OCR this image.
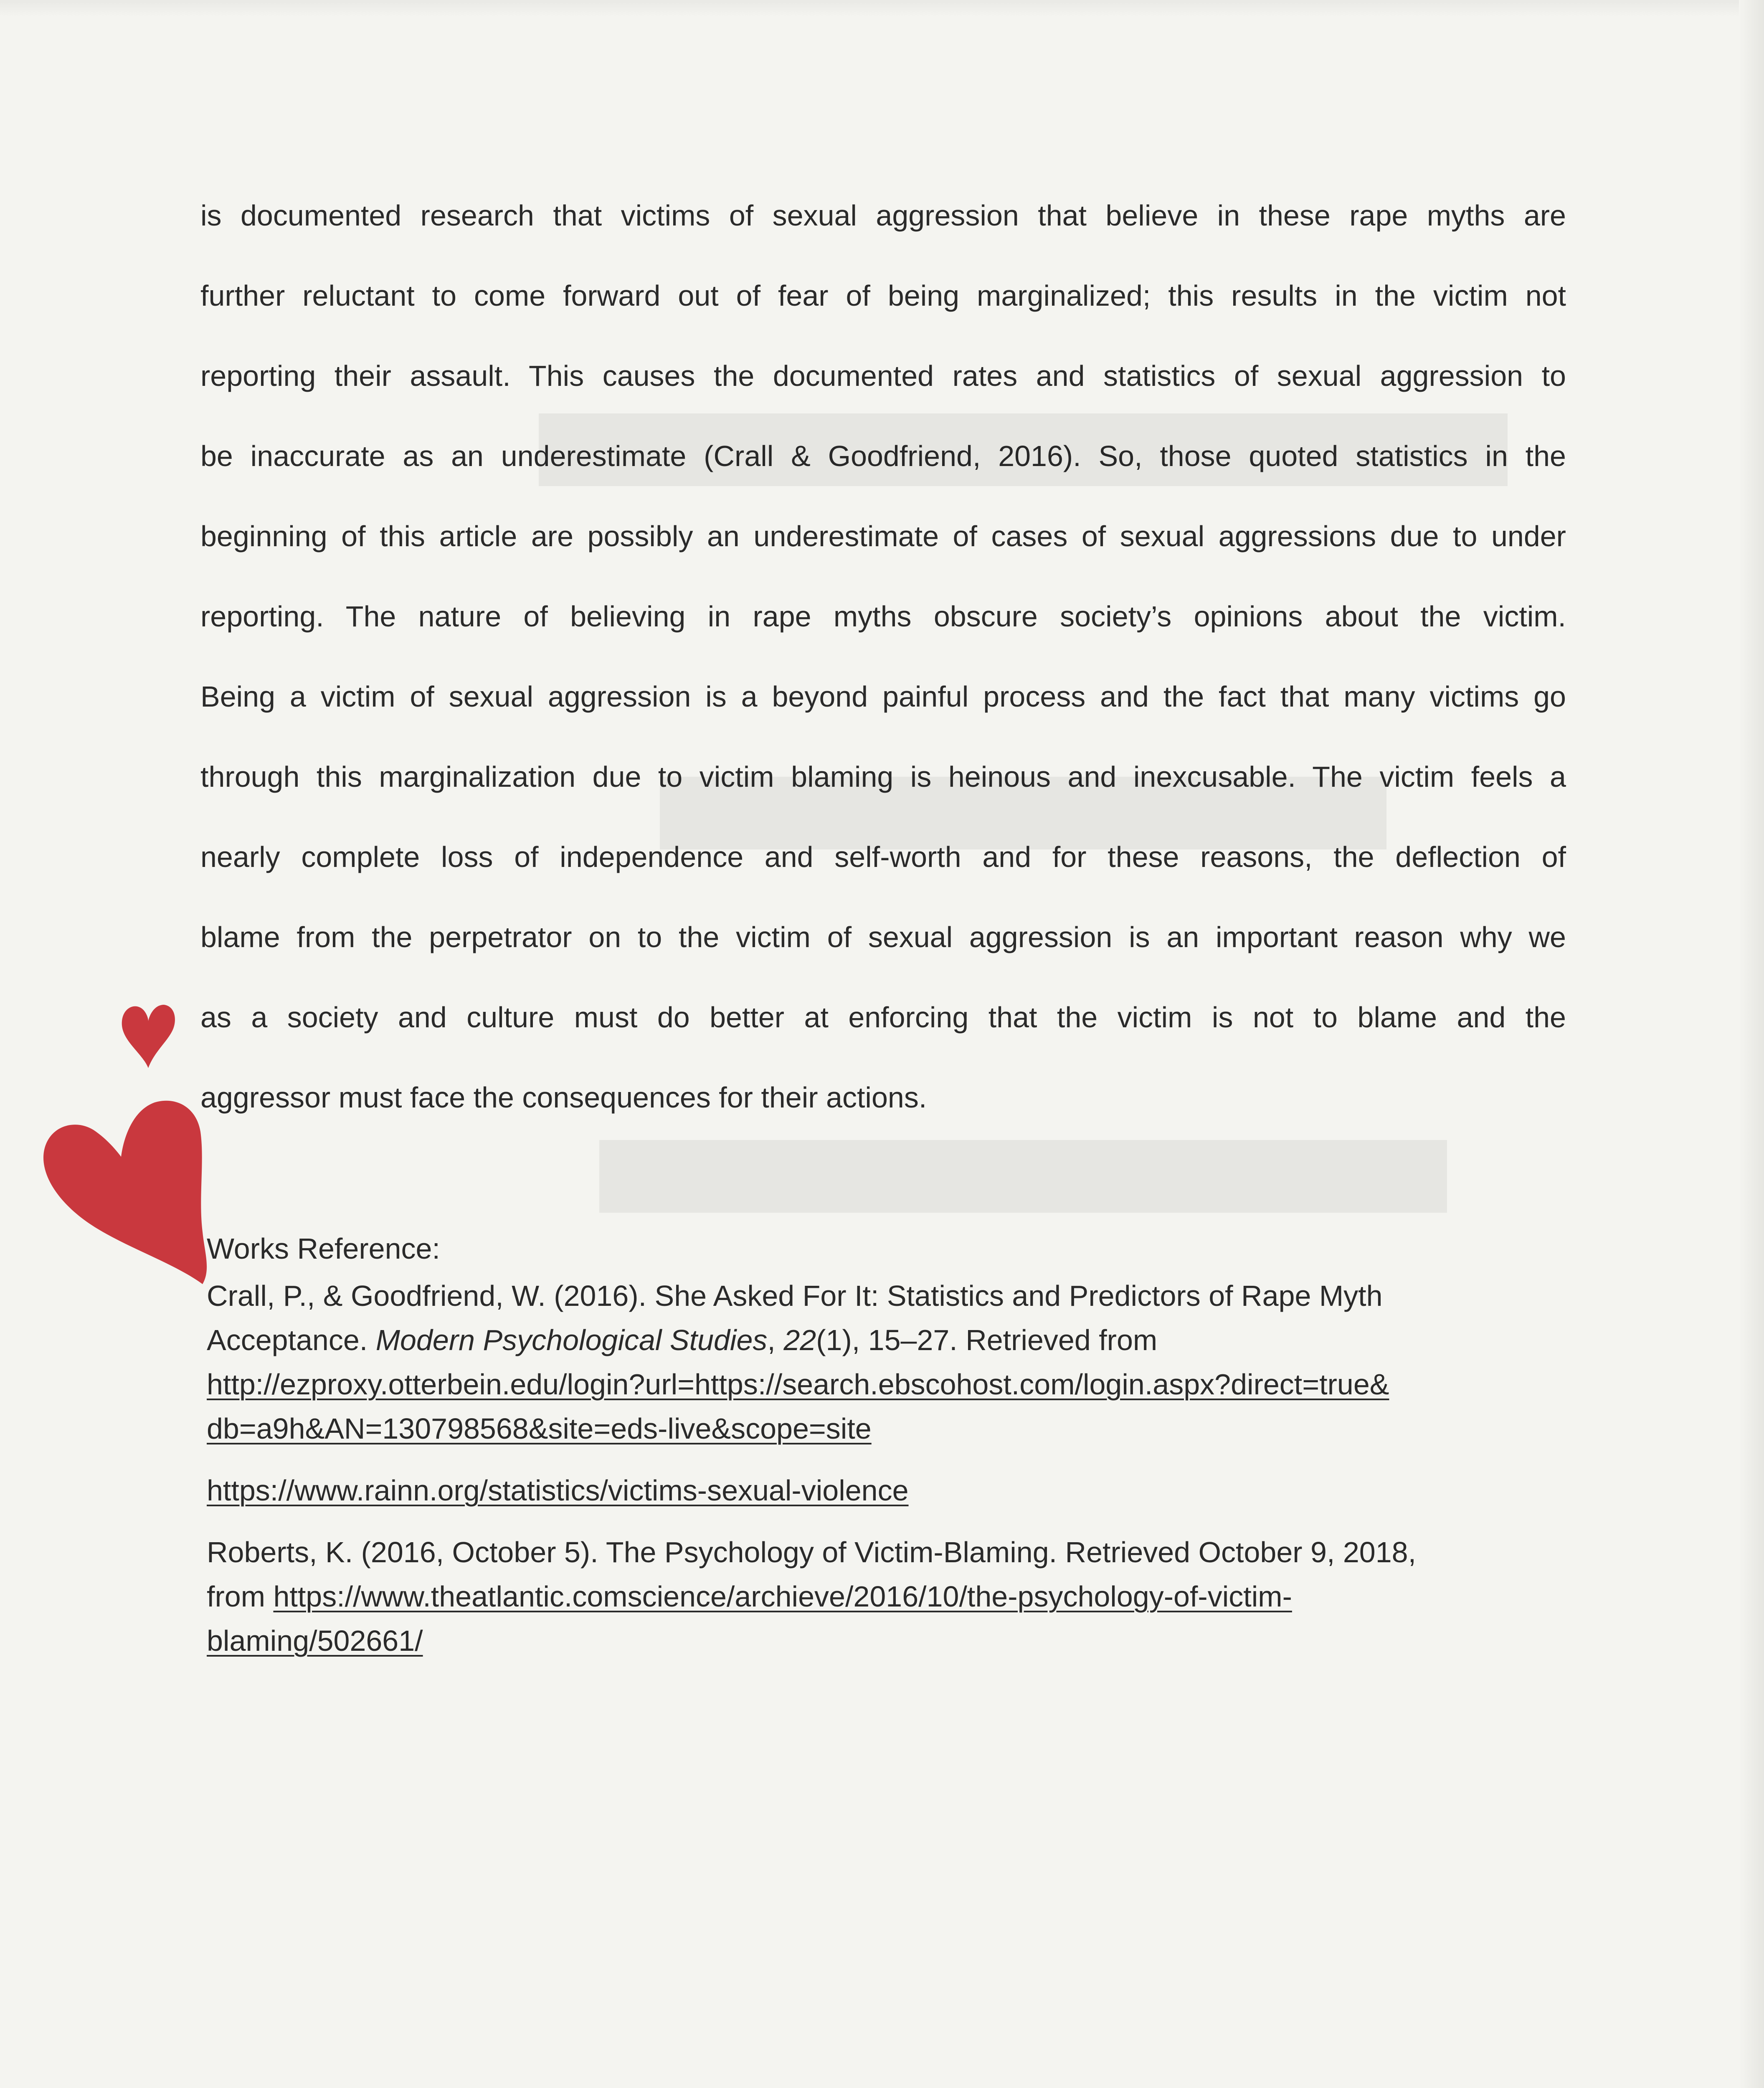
is documented research that victims of sexual aggression that believe in these rape myths are
further reluctant to come forward out of fear of being marginalized; this results in the victim not
reporting their assault. This causes the documented rates and statistics of sexual aggression to
be inaccurate as an underestimate (Crall & Goodfriend, 2016). So, those quoted statistics in the
beginning of this article are possibly an underestimate of cases of sexual aggressions due to under
reporting. The nature of believing in rape myths obscure society’s opinions about the victim.
Being a victim of sexual aggression is a beyond painful process and the fact that many victims go
through this marginalization due to victim blaming is heinous and inexcusable. The victim feels a
nearly complete loss of independence and self-worth and for these reasons, the deflection of
blame from the perpetrator on to the victim of sexual aggression is an important reason why we
as a society and culture must do better at enforcing that the victim is not to blame and the
aggressor must face the consequences for their actions.
Works Reference:
Crall, P., & Goodfriend, W. (2016). She Asked For It: Statistics and Predictors of Rape Myth
Acceptance. Modern Psychological Studies, 22(1), 15–27. Retrieved from
http://ezproxy.otterbein.edu/login?url=https://search.ebscohost.com/login.aspx?direct=true&
db=a9h&AN=130798568&site=eds-live&scope=site
https://www.rainn.org/statistics/victims-sexual-violence
Roberts, K. (2016, October 5). The Psychology of Victim-Blaming. Retrieved October 9, 2018,
from https://www.theatlantic.comscience/archieve/2016/10/the-psychology-of-victim-
blaming/502661/
